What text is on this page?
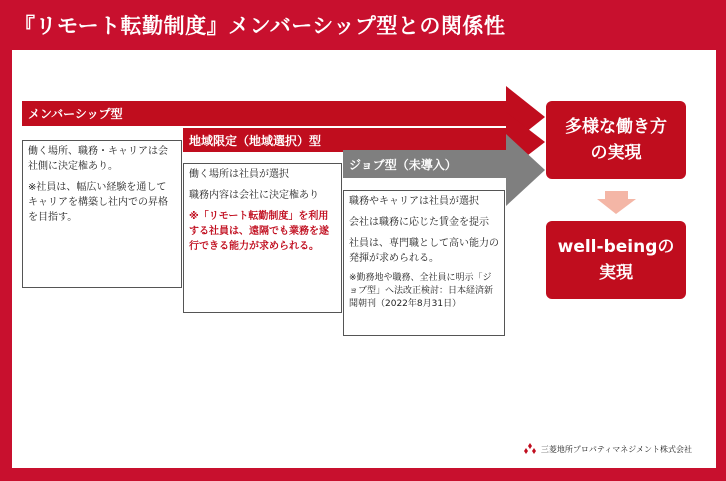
『リモート転勤制度』メンバーシップ型との関係性
メンバーシップ型

働く場所、職務・キャリアは会社側に決定権あり。

※社員は、幅広い経験を通してキャリアを構築し社内での昇格を目指す。

地域限定（地域選択）型

働く場所は社員が選択

職務内容は会社に決定権あり

※「リモート転勤制度」を利用する社員は、遠隔でも業務を遂行できる能力が求められる。

ジョブ型（未導入）

職務やキャリアは社員が選択

会社は職務に応じた賃金を提示

社員は、専門職として高い能力の発揮が求められる。

※勤務地や職務、全社員に明示「ジョブ型」へ法改正検討：日本経済新聞朝刊（2022年8月31日）

多様な働き方
の実現
well-beingの
実現
三菱地所プロパティマネジメント株式会社
